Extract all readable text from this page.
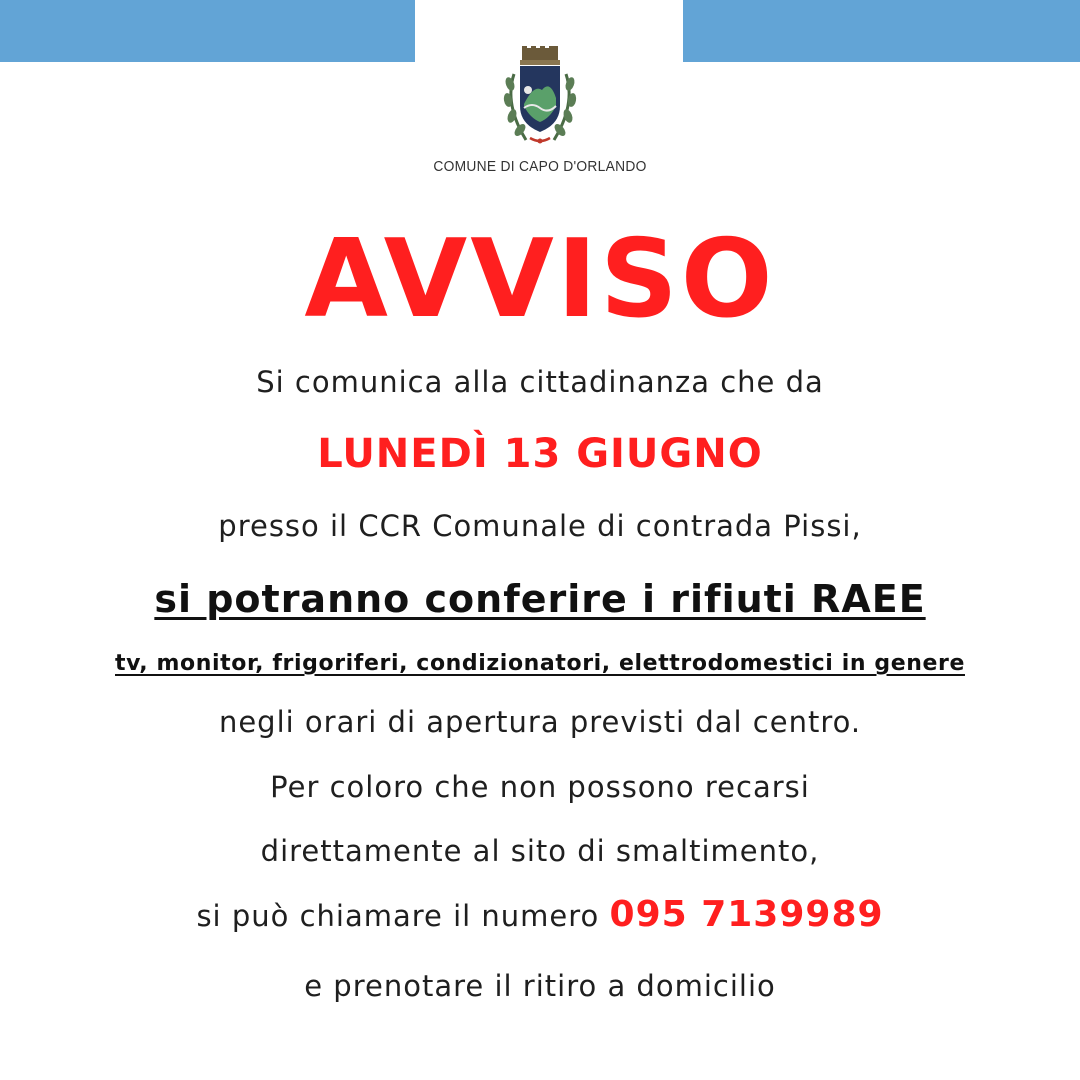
COMUNE DI CAPO D'ORLANDO
AVVISO
Si comunica alla cittadinanza che da
LUNEDÌ 13 GIUGNO
presso il CCR Comunale di contrada Pissi,
si potranno conferire i rifiuti RAEE
tv, monitor, frigoriferi, condizionatori, elettrodomestici in genere
negli orari di apertura previsti dal centro.
Per coloro che non possono recarsi
direttamente al sito di smaltimento,
si può chiamare il numero 095 7139989
e prenotare il ritiro a domicilio
